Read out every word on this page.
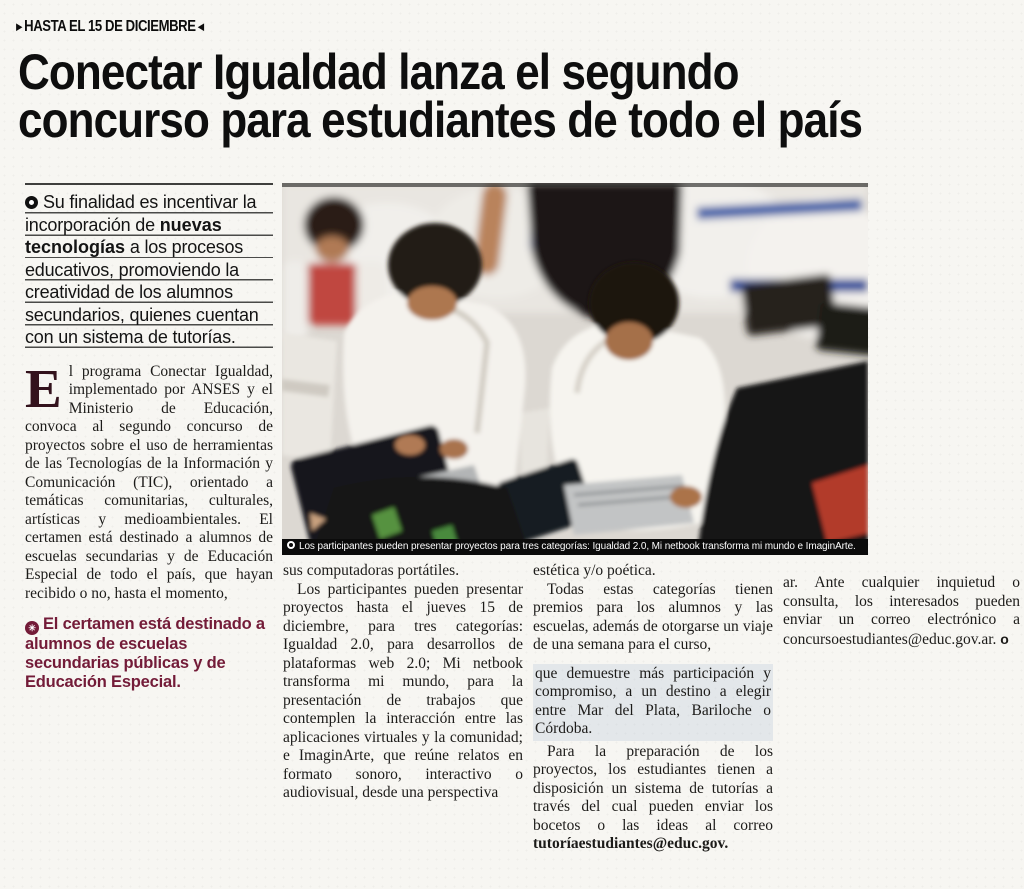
►HASTA EL 15 DE DICIEMBRE◄
Conectar Igualdad lanza el segundo
concurso para estudiantes de todo el país
Su finalidad es incentivar la incorporación de nuevas tecnologías a los procesos educativos, promoviendo la creatividad de los alumnos secundarios, quienes cuentan con un sistema de tutorías.

El programa Conectar Igualdad, implementado por ANSES y el Ministerio de Educación, convoca al segundo concurso de proyectos sobre el uso de herramientas de las Tecnologías de la Información y Comunicación (TIC), orientado a temáticas comunitarias, culturales, artísticas y medioambientales. El certamen está destinado a alumnos de escuelas secundarias y de Educación Especial de todo el país, que hayan recibido o no, hasta el momento,

✳ El certamen está destinado a alumnos de escuelas secundarias públicas y de Educación Especial.
Los participantes pueden presentar proyectos para tres categorías: Igualdad 2.0, Mi netbook transforma mi mundo e ImaginArte.

sus computadoras portátiles.

Los participantes pueden presentar proyectos hasta el jueves 15 de diciembre, para tres categorías: Igualdad 2.0, para desarrollos de plataformas web 2.0; Mi netbook transforma mi mundo, para la presentación de trabajos que contemplen la interacción entre las aplicaciones virtuales y la comunidad; e ImaginArte, que reúne relatos en formato sonoro, interactivo o audiovisual, desde una perspectiva

estética y/o poética.

Todas estas categorías tienen premios para los alumnos y las escuelas, además de otorgarse un viaje de una semana para el curso,

que demuestre más participación y compromiso, a un destino a elegir entre Mar del Plata, Bariloche o Córdoba.

Para la preparación de los proyectos, los estudiantes tienen a disposición un sistema de tutorías a través del cual pueden enviar los bocetos o las ideas al correo tutoríaestudiantes@educ.gov.

ar. Ante cualquier inquietud o consulta, los interesados pueden enviar un correo electrónico a concursoestudiantes@educ.gov.ar. o
